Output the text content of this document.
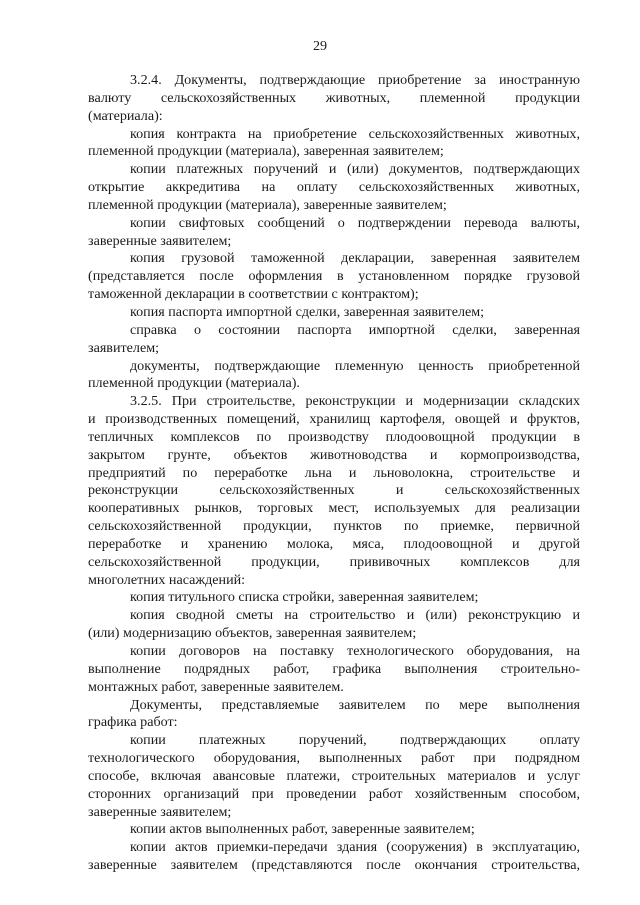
29
3.2.4. Документы, подтверждающие приобретение за иностранную
валюту сельскохозяйственных животных, племенной продукции
(материала):
копия контракта на приобретение сельскохозяйственных животных,
племенной продукции (материала), заверенная заявителем;
копии платежных поручений и (или) документов, подтверждающих
открытие аккредитива на оплату сельскохозяйственных животных,
племенной продукции (материала), заверенные заявителем;
копии свифтовых сообщений о подтверждении перевода валюты,
заверенные заявителем;
копия грузовой таможенной декларации, заверенная заявителем
(представляется после оформления в установленном порядке грузовой
таможенной декларации в соответствии с контрактом);
копия паспорта импортной сделки, заверенная заявителем;
справка о состоянии паспорта импортной сделки, заверенная
заявителем;
документы, подтверждающие племенную ценность приобретенной
племенной продукции (материала).
3.2.5. При строительстве, реконструкции и модернизации складских
и производственных помещений, хранилищ картофеля, овощей и фруктов,
тепличных комплексов по производству плодоовощной продукции в
закрытом грунте, объектов животноводства и кормопроизводства,
предприятий по переработке льна и льноволокна, строительстве и
реконструкции сельскохозяйственных и сельскохозяйственных
кооперативных рынков, торговых мест, используемых для реализации
сельскохозяйственной продукции, пунктов по приемке, первичной
переработке и хранению молока, мяса, плодоовощной и другой
сельскохозяйственной продукции, прививочных комплексов для
многолетних насаждений:
копия титульного списка стройки, заверенная заявителем;
копия сводной сметы на строительство и (или) реконструкцию и
(или) модернизацию объектов, заверенная заявителем;
копии договоров на поставку технологического оборудования, на
выполнение подрядных работ, графика выполнения строительно-
монтажных работ, заверенные заявителем.
Документы, представляемые заявителем по мере выполнения
графика работ:
копии платежных поручений, подтверждающих оплату
технологического оборудования, выполненных работ при подрядном
способе, включая авансовые платежи, строительных материалов и услуг
сторонних организаций при проведении работ хозяйственным способом,
заверенные заявителем;
копии актов выполненных работ, заверенные заявителем;
копии актов приемки-передачи здания (сооружения) в эксплуатацию,
заверенные заявителем (представляются после окончания строительства,
